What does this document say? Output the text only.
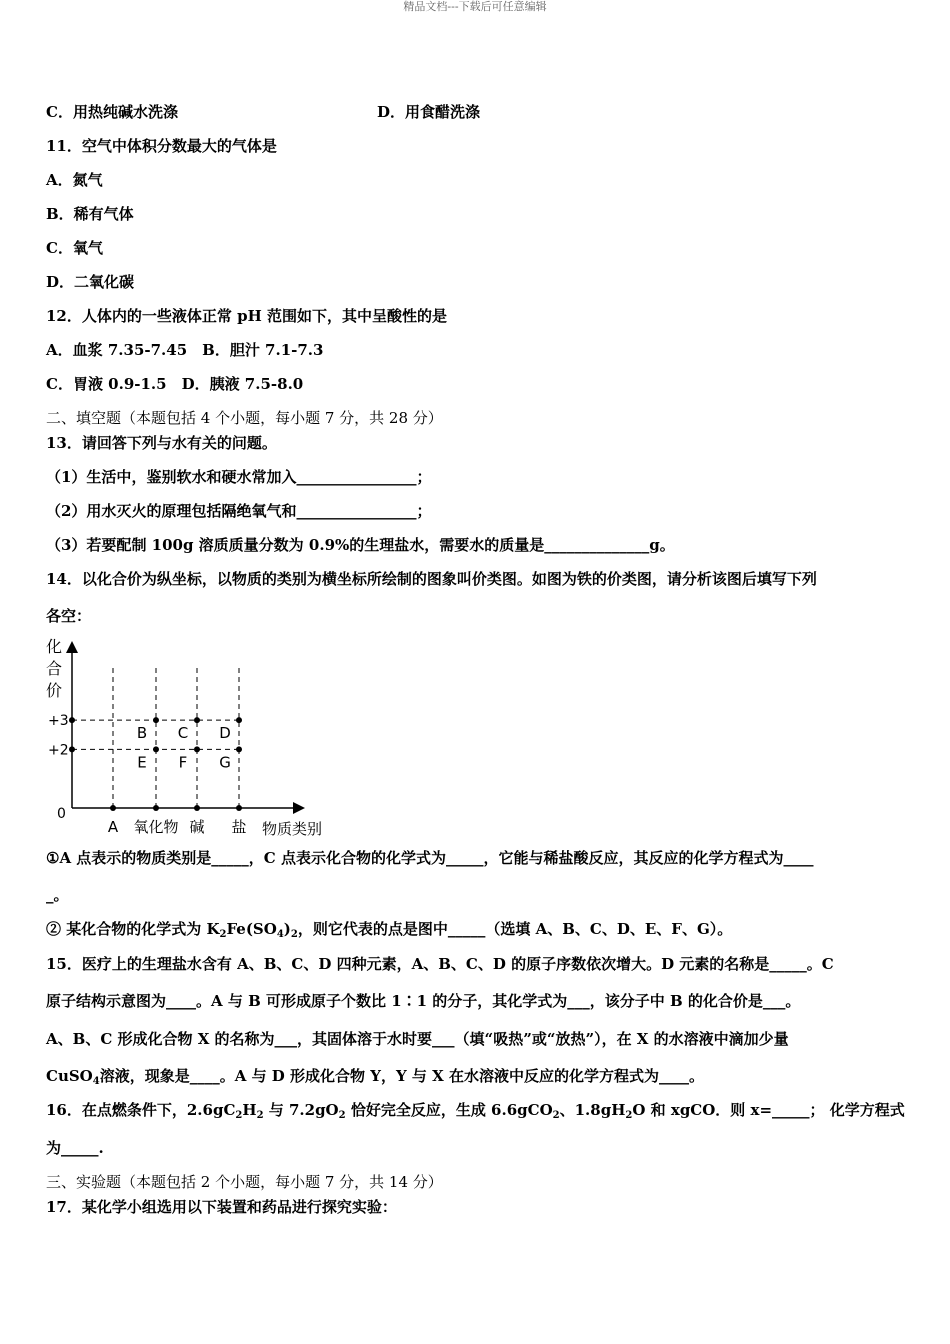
精品文档---下载后可任意编辑
C．用热纯碱水洗涤	D．用食醋洗涤
11．空气中体积分数最大的气体是
A．氮气
B．稀有气体
C．氧气
D．二氧化碳
12．人体内的一些液体正常 pH 范围如下，其中呈酸性的是
A．血浆 7.35-7.45　B．胆汁 7.1-7.3
C．胃液 0.9-1.5　D．胰液 7.5-8.0
二、填空题（本题包括 4 个小题，每小题 7 分，共 28 分）
13．请回答下列与水有关的问题。
（1）生活中，鉴别软水和硬水常加入________________；
（2）用水灭火的原理包括隔绝氧气和________________；
（3）若要配制 100g 溶质质量分数为 0.9%的生理盐水，需要水的质量是______________g。
14．以化合价为纵坐标，以物质的类别为横坐标所绘制的图象叫价类图。如图为铁的价类图，请分析该图后填写下列
各空：
化合价
物质类别
0
+2
+3
A 氧化物 碱 盐
B C D
E F G
①A 点表示的物质类别是_____，C 点表示化合物的化学式为_____，它能与稀盐酸反应，其反应的化学方程式为____
_。
② 某化合物的化学式为 $K_2Fe(SO_4)_2$，则它代表的点是图中_____（选填 A、B、C、D、E、F、G）。
15．医疗上的生理盐水含有 A、B、C、D 四种元素，A、B、C、D 的原子序数依次增大。D 元素的名称是_____。C
原子结构示意图为____。A 与 B 可形成原子个数比 1∶1 的分子，其化学式为___，该分子中 B 的化合价是___。
A、B、C 形成化合物 X 的名称为___，其固体溶于水时要___（填“吸热”或“放热”），在 X 的水溶液中滴加少量
CuSO$_4$溶液，现象是____。A 与 D 形成化合物 Y，Y 与 X 在水溶液中反应的化学方程式为____。
16．在点燃条件下，$2.6gC_2H_2$ 与 $7.2gO_2$ 恰好完全反应，生成 6.6gCO$_2$、$1.8gH_2O$ 和 xgCO．则 x=_____； 化学方程式
为_____.
三、实验题（本题包括 2 个小题，每小题 7 分，共 14 分）
17．某化学小组选用以下装置和药品进行探究实验：
